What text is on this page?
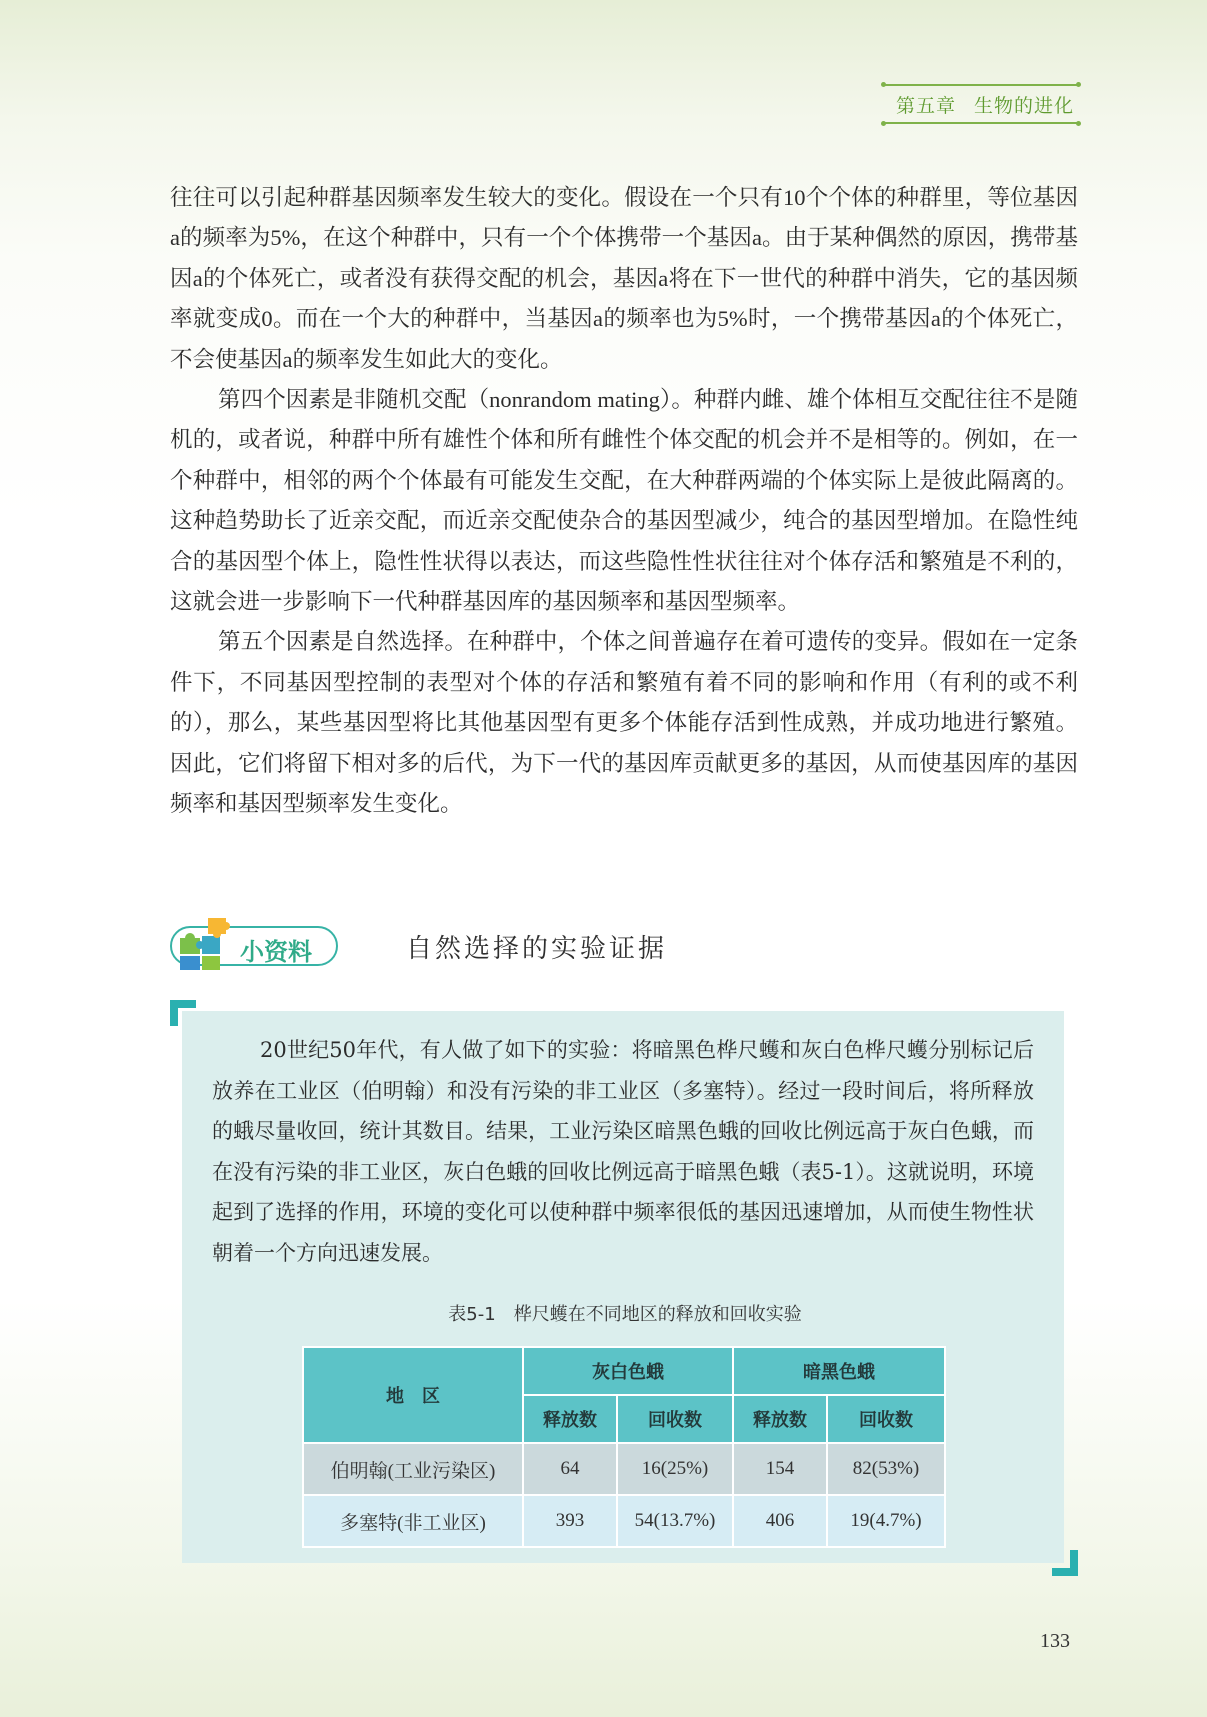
第五章 生物的进化

往往可以引起种群基因频率发生较大的变化。假设在一个只有10个个体的种群里，等位基因a的频率为5%，在这个种群中，只有一个个体携带一个基因a。由于某种偶然的原因，携带基因a的个体死亡，或者没有获得交配的机会，基因a将在下一世代的种群中消失，它的基因频率就变成0。而在一个大的种群中，当基因a的频率也为5%时，一个携带基因a的个体死亡，不会使基因a的频率发生如此大的变化。

第四个因素是非随机交配（nonrandom mating）。种群内雌、雄个体相互交配往往不是随机的，或者说，种群中所有雄性个体和所有雌性个体交配的机会并不是相等的。例如，在一个种群中，相邻的两个个体最有可能发生交配，在大种群两端的个体实际上是彼此隔离的。这种趋势助长了近亲交配，而近亲交配使杂合的基因型减少，纯合的基因型增加。在隐性纯合的基因型个体上，隐性性状得以表达，而这些隐性性状往往对个体存活和繁殖是不利的，这就会进一步影响下一代种群基因库的基因频率和基因型频率。

第五个因素是自然选择。在种群中，个体之间普遍存在着可遗传的变异。假如在一定条件下，不同基因型控制的表型对个体的存活和繁殖有着不同的影响和作用（有利的或不利的），那么，某些基因型将比其他基因型有更多个体能存活到性成熟，并成功地进行繁殖。因此，它们将留下相对多的后代，为下一代的基因库贡献更多的基因，从而使基因库的基因频率和基因型频率发生变化。

小资料	自然选择的实验证据

20世纪50年代，有人做了如下的实验：将暗黑色桦尺蠖和灰白色桦尺蠖分别标记后放养在工业区（伯明翰）和没有污染的非工业区（多塞特）。经过一段时间后，将所释放的蛾尽量收回，统计其数目。结果，工业污染区暗黑色蛾的回收比例远高于灰白色蛾，而在没有污染的非工业区，灰白色蛾的回收比例远高于暗黑色蛾（表5-1）。这就说明，环境起到了选择的作用，环境的变化可以使种群中频率很低的基因迅速增加，从而使生物性状朝着一个方向迅速发展。

表5-1　桦尺蠖在不同地区的释放和回收实验
地　区	灰白色蛾		暗黑色蛾	
	释放数	回收数	释放数	回收数
伯明翰(工业污染区)	64	16(25%)	154	82(53%)
多塞特(非工业区)	393	54(13.7%)	406	19(4.7%)
133
